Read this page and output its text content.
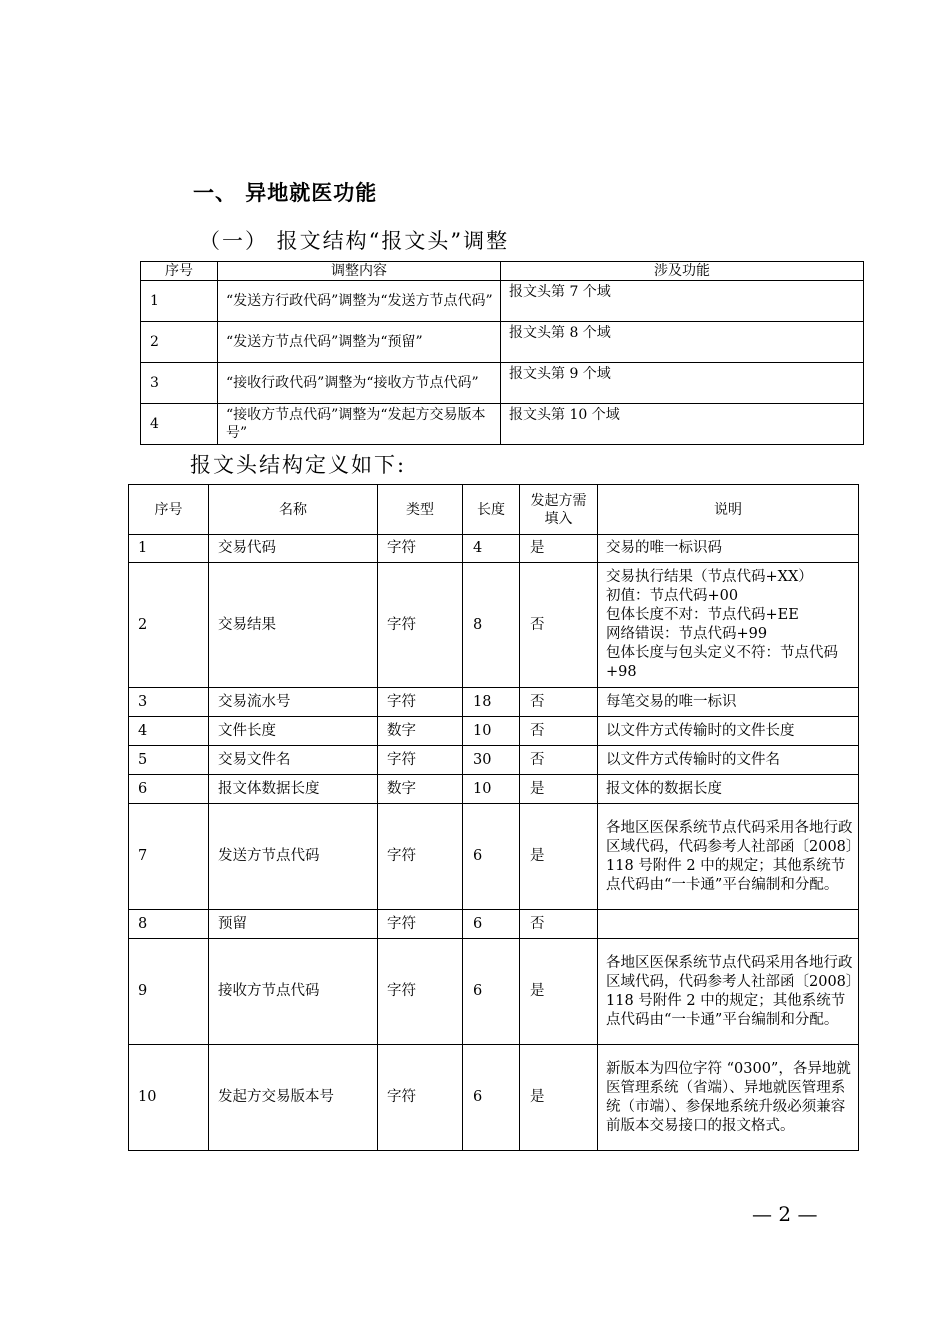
一、 异地就医功能
（一） 报文结构“报文头”调整
序号	调整内容	涉及功能
1	“发送方行政代码”调整为“发送方节点代码”	报文头第 7 个域
2	“发送方节点代码”调整为“预留”	报文头第 8 个域
3	“接收行政代码”调整为“接收方节点代码”	报文头第 9 个域
4	“接收方节点代码”调整为“发起方交易版本号”	报文头第 10 个域
报文头结构定义如下:
序号	名称	类型	长度	发起方需填入	说明
1	交易代码	字符	4	是	交易的唯一标识码
2	交易结果	字符	8	否	交易执行结果（节点代码+XX）
初值：节点代码+00
包体长度不对：节点代码+EE
网络错误：节点代码+99
包体长度与包头定义不符：节点代码+98
3	交易流水号	字符	18	否	每笔交易的唯一标识
4	文件长度	数字	10	否	以文件方式传输时的文件长度
5	交易文件名	字符	30	否	以文件方式传输时的文件名
6	报文体数据长度	数字	10	是	报文体的数据长度
7	发送方节点代码	字符	6	是	各地区医保系统节点代码采用各地行政区域代码，代码参考人社部函〔2008〕118 号附件 2 中的规定；其他系统节点代码由“一卡通”平台编制和分配。
8	预留	字符	6	否	
9	接收方节点代码	字符	6	是	各地区医保系统节点代码采用各地行政区域代码，代码参考人社部函〔2008〕118 号附件 2 中的规定；其他系统节点代码由“一卡通”平台编制和分配。
10	发起方交易版本号	字符	6	是	新版本为四位字符 “0300”，各异地就医管理系统（省端）、异地就医管理系统（市端）、参保地系统升级必须兼容前版本交易接口的报文格式。
— 2 —
